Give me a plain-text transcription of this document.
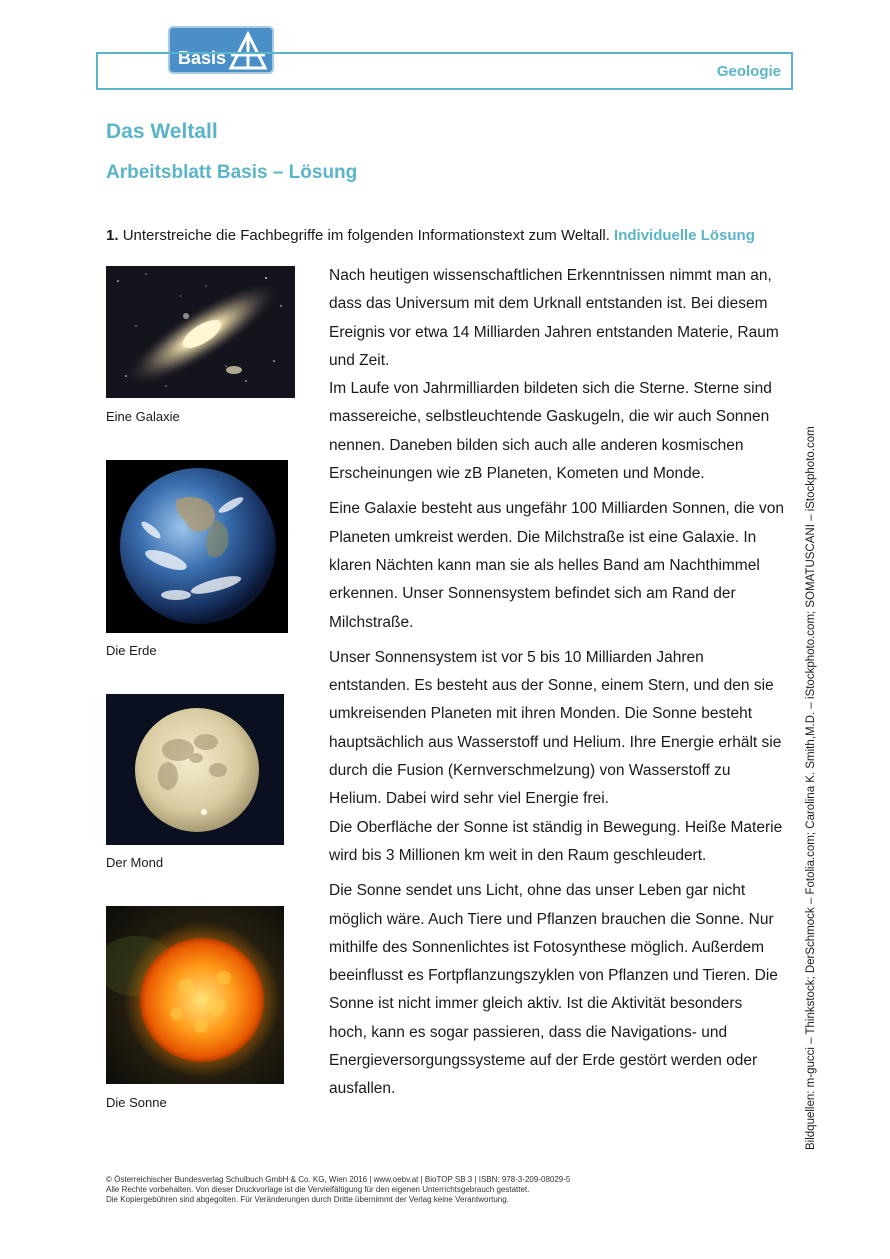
Basis
Geologie
Das Weltall
Arbeitsblatt Basis – Lösung
1. Unterstreiche die Fachbegriffe im folgenden Informationstext zum Weltall. Individuelle Lösung
Eine Galaxie
Die Erde
Der Mond
Die Sonne

Nach heutigen wissenschaftlichen Erkenntnissen nimmt man an, dass das Universum mit dem Urknall entstanden ist. Bei diesem Ereignis vor etwa 14 Milliarden Jahren entstanden Materie, Raum und Zeit.
Im Laufe von Jahrmilliarden bildeten sich die Sterne. Sterne sind massereiche, selbstleuchtende Gaskugeln, die wir auch Sonnen nennen. Daneben bilden sich auch alle anderen kosmischen Erscheinungen wie zB Planeten, Kometen und Monde.

Eine Galaxie besteht aus ungefähr 100 Milliarden Sonnen, die von Planeten umkreist werden. Die Milchstraße ist eine Galaxie. In klaren Nächten kann man sie als helles Band am Nachthimmel erkennen. Unser Sonnensystem befindet sich am Rand der Milchstraße.

Unser Sonnensystem ist vor 5 bis 10 Milliarden Jahren entstanden. Es besteht aus der Sonne, einem Stern, und den sie umkreisenden Planeten mit ihren Monden. Die Sonne besteht hauptsächlich aus Wasserstoff und Helium. Ihre Energie erhält sie durch die Fusion (Kernverschmelzung) von Wasserstoff zu Helium. Dabei wird sehr viel Energie frei.
Die Oberfläche der Sonne ist ständig in Bewegung. Heiße Materie wird bis 3 Millionen km weit in den Raum geschleudert.

Die Sonne sendet uns Licht, ohne das unser Leben gar nicht möglich wäre. Auch Tiere und Pflanzen brauchen die Sonne. Nur mithilfe des Sonnenlichtes ist Fotosynthese möglich. Außerdem beeinflusst es Fortpflanzungszyklen von Pflanzen und Tieren. Die Sonne ist nicht immer gleich aktiv. Ist die Aktivität besonders hoch, kann es sogar passieren, dass die Navigations- und Energieversorgungssysteme auf der Erde gestört werden oder ausfallen.	Bildquellen: m-gucci – Thinkstock; DerSchmock – Fotolia.com; Carolina K. Smith,M.D. – iStockphoto.com; SOMATUSCANI – iStockphoto.com
© Österreichischer Bundesverlag Schulbuch GmbH & Co. KG, Wien 2016 | www.oebv.at | BioTOP SB 3 | ISBN: 978-3-209-08029-5
Alle Rechte vorbehalten. Von dieser Druckvorlage ist die Vervielfältigung für den eigenen Unterrichtsgebrauch gestattet.
Die Kopiergebühren sind abgegolten. Für Veränderungen durch Dritte übernimmt der Verlag keine Verantwortung.
